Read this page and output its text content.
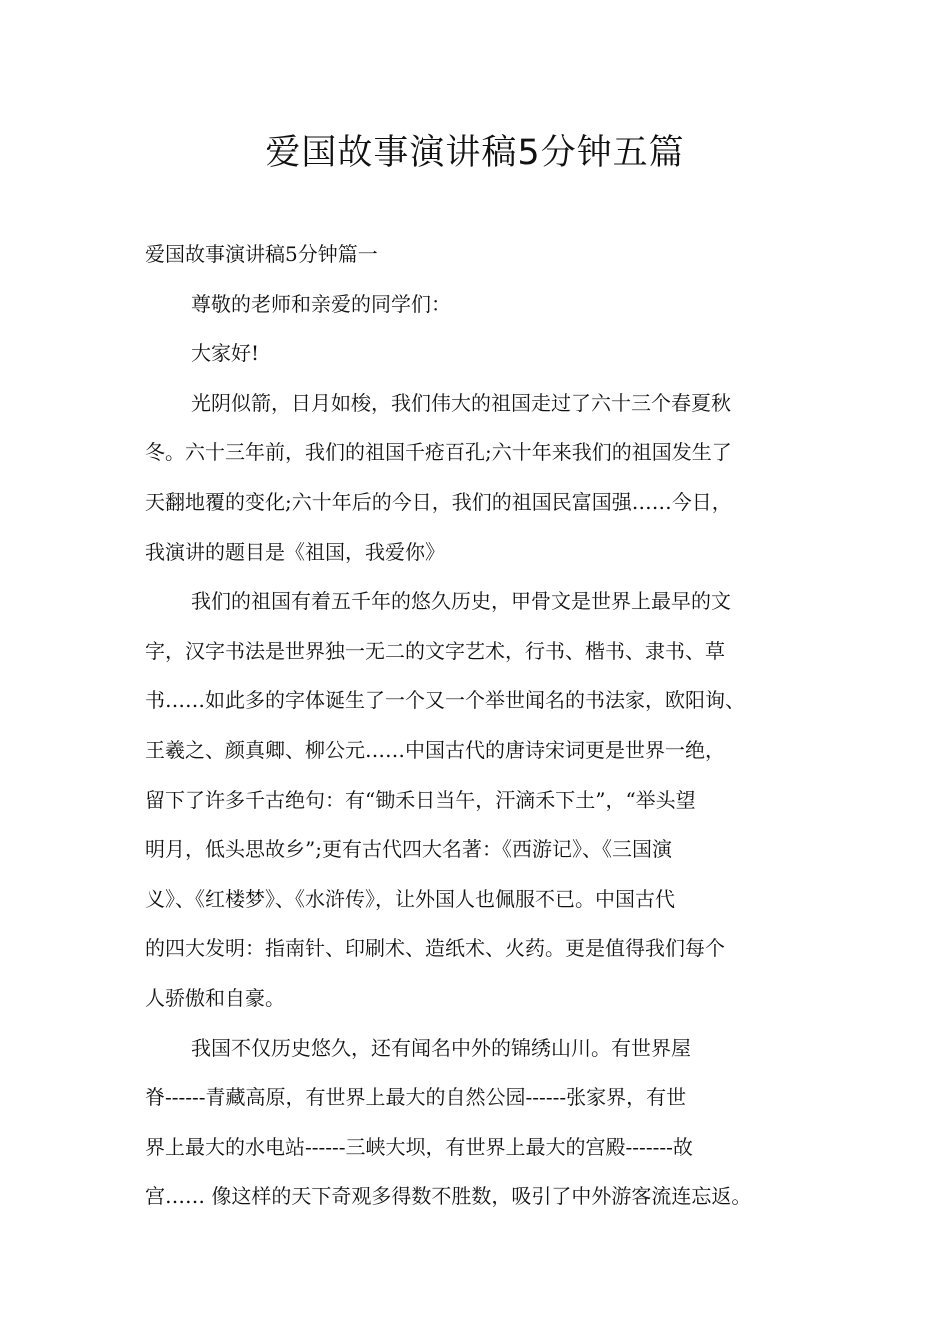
爱国故事演讲稿5分钟五篇

爱国故事演讲稿5分钟篇一

尊敬的老师和亲爱的同学们：

大家好!

光阴似箭，日月如梭，我们伟大的祖国走过了六十三个春夏秋
冬。六十三年前，我们的祖国千疮百孔;六十年来我们的祖国发生了
天翻地覆的变化;六十年后的今日，我们的祖国民富国强……今日，
我演讲的题目是《祖国，我爱你》

我们的祖国有着五千年的悠久历史，甲骨文是世界上最早的文
字，汉字书法是世界独一无二的文字艺术，行书、楷书、隶书、草
书……如此多的字体诞生了一个又一个举世闻名的书法家，欧阳询、
王羲之、颜真卿、柳公元……中国古代的唐诗宋词更是世界一绝，
留下了许多千古绝句：有“锄禾日当午，汗滴禾下土”，“举头望
明月，低头思故乡”;更有古代四大名著：《西游记》、《三国演
义》、《红楼梦》、《水浒传》，让外国人也佩服不已。中国古代
的四大发明：指南针、印刷术、造纸术、火药。更是值得我们每个
人骄傲和自豪。

我国不仅历史悠久，还有闻名中外的锦绣山川。有世界屋
脊------青藏高原，有世界上最大的自然公园------张家界，有世
界上最大的水电站------三峡大坝，有世界上最大的宫殿-------故
宫…… 像这样的天下奇观多得数不胜数，吸引了中外游客流连忘返。
